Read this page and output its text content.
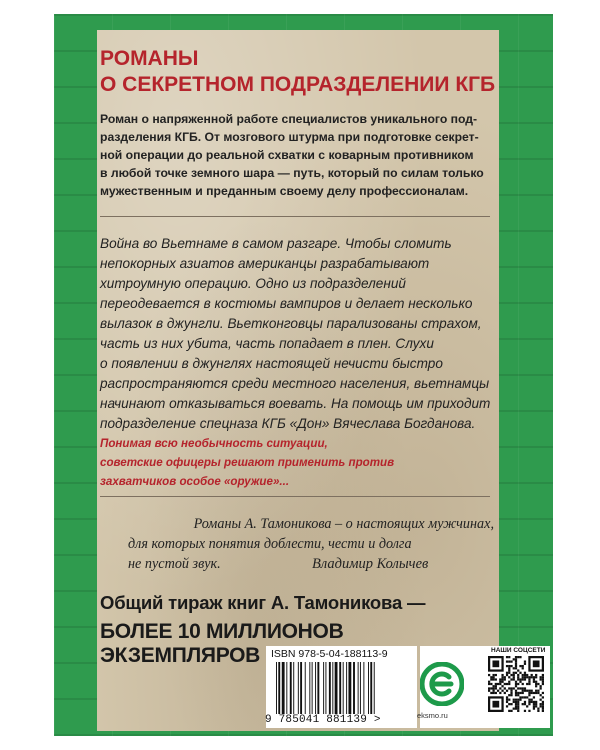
РОМАНЫ
О СЕКРЕТНОМ ПОДРАЗДЕЛЕНИИ КГБ
Роман о напряженной работе специалистов уникального под-
разделения КГБ. От мозгового штурма при подготовке секрет-
ной операции до реальной схватки с коварным противником
в любой точке земного шара — путь, который по силам только
мужественным и преданным своему делу профессионалам.
Война во Вьетнаме в самом разгаре. Чтобы сломить
непокорных азиатов американцы разрабатывают
хитроумную операцию. Одно из подразделений
переодевается в костюмы вампиров и делает несколько
вылазок в джунгли. Вьетконговцы парализованы страхом,
часть из них убита, часть попадает в плен. Слухи
о появлении в джунглях настоящей нечисти быстро
распространяются среди местного населения, вьетнамцы
начинают отказываться воевать. На помощь им приходит
подразделение спецназа КГБ «Дон» Вячеслава Богданова.
Понимая всю необычность ситуации,
советские офицеры решают применить против
захватчиков особое «оружие»...
Романы А. Тамоникова – о настоящих мужчинах,
для которых понятия доблести, чести и долга
не пустой звук.	Владимир Колычев
Общий тираж книг А. Тамоникова —
БОЛЕЕ 10 МИЛЛИОНОВ
ЭКЗЕМПЛЯРОВ	ISBN 978-5-04-188113-9
9 785041 881139 >	eksmo.ru
НАШИ СОЦСЕТИ
